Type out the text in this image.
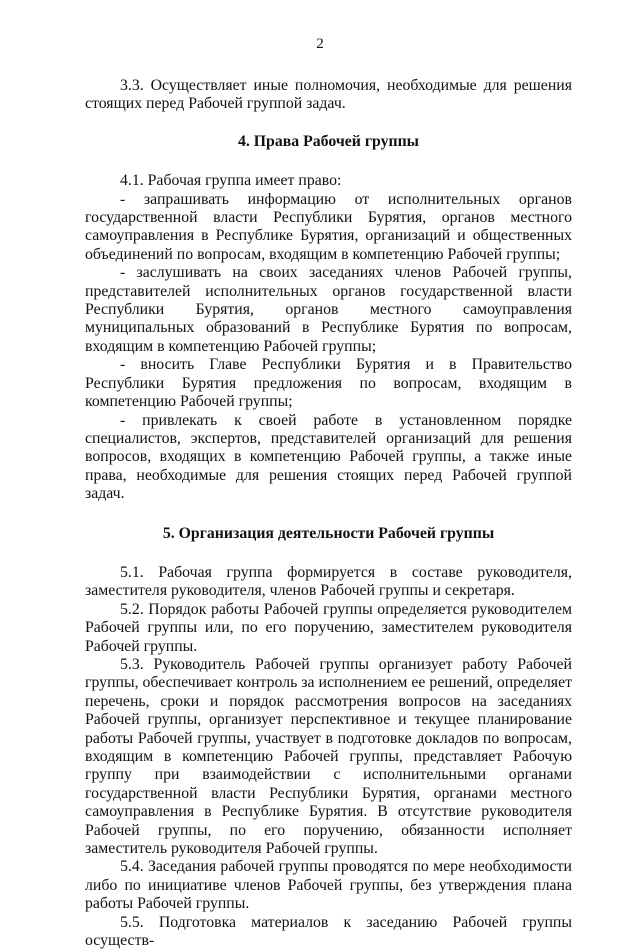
2

3.3. Осуществляет иные полномочия, необходимые для решения стоящих перед Рабочей группой задач.

4. Права Рабочей группы

4.1. Рабочая группа имеет право:

- запрашивать информацию от исполнительных органов государственной власти Республики Бурятия, органов местного самоуправления в Республике Бурятия, организаций и общественных объединений по вопросам, входящим в компетенцию Рабочей группы;

- заслушивать на своих заседаниях членов Рабочей группы, представителей исполнительных органов государственной власти Республики Бурятия, органов местного самоуправления муниципальных образований в Республике Бурятия по вопросам, входящим в компетенцию Рабочей группы;

- вносить Главе Республики Бурятия и в Правительство Республики Бурятия предложения по вопросам, входящим в компетенцию Рабочей группы;

- привлекать к своей работе в установленном порядке специалистов, экспертов, представителей организаций для решения вопросов, входящих в компетенцию Рабочей группы, а также иные права, необходимые для решения стоящих перед Рабочей группой задач.

5. Организация деятельности Рабочей группы

5.1. Рабочая группа формируется в составе руководителя, заместителя руководителя, членов Рабочей группы и секретаря.

5.2. Порядок работы Рабочей группы определяется руководителем Рабочей группы или, по его поручению, заместителем руководителя Рабочей группы.

5.3. Руководитель Рабочей группы организует работу Рабочей группы, обеспечивает контроль за исполнением ее решений, определяет перечень, сроки и порядок рассмотрения вопросов на заседаниях Рабочей группы, организует перспективное и текущее планирование работы Рабочей группы, участвует в подготовке докладов по вопросам, входящим в компетенцию Рабочей группы, представляет Рабочую группу при взаимодействии с исполнительными органами государственной власти Республики Бурятия, органами местного самоуправления в Республике Бурятия. В отсутствие руководителя Рабочей группы, по его поручению, обязанности исполняет заместитель руководителя Рабочей группы.

5.4. Заседания рабочей группы проводятся по мере необходимости либо по инициативе членов Рабочей группы, без утверждения плана работы Рабочей группы.

5.5. Подготовка материалов к заседанию Рабочей группы осуществ-
